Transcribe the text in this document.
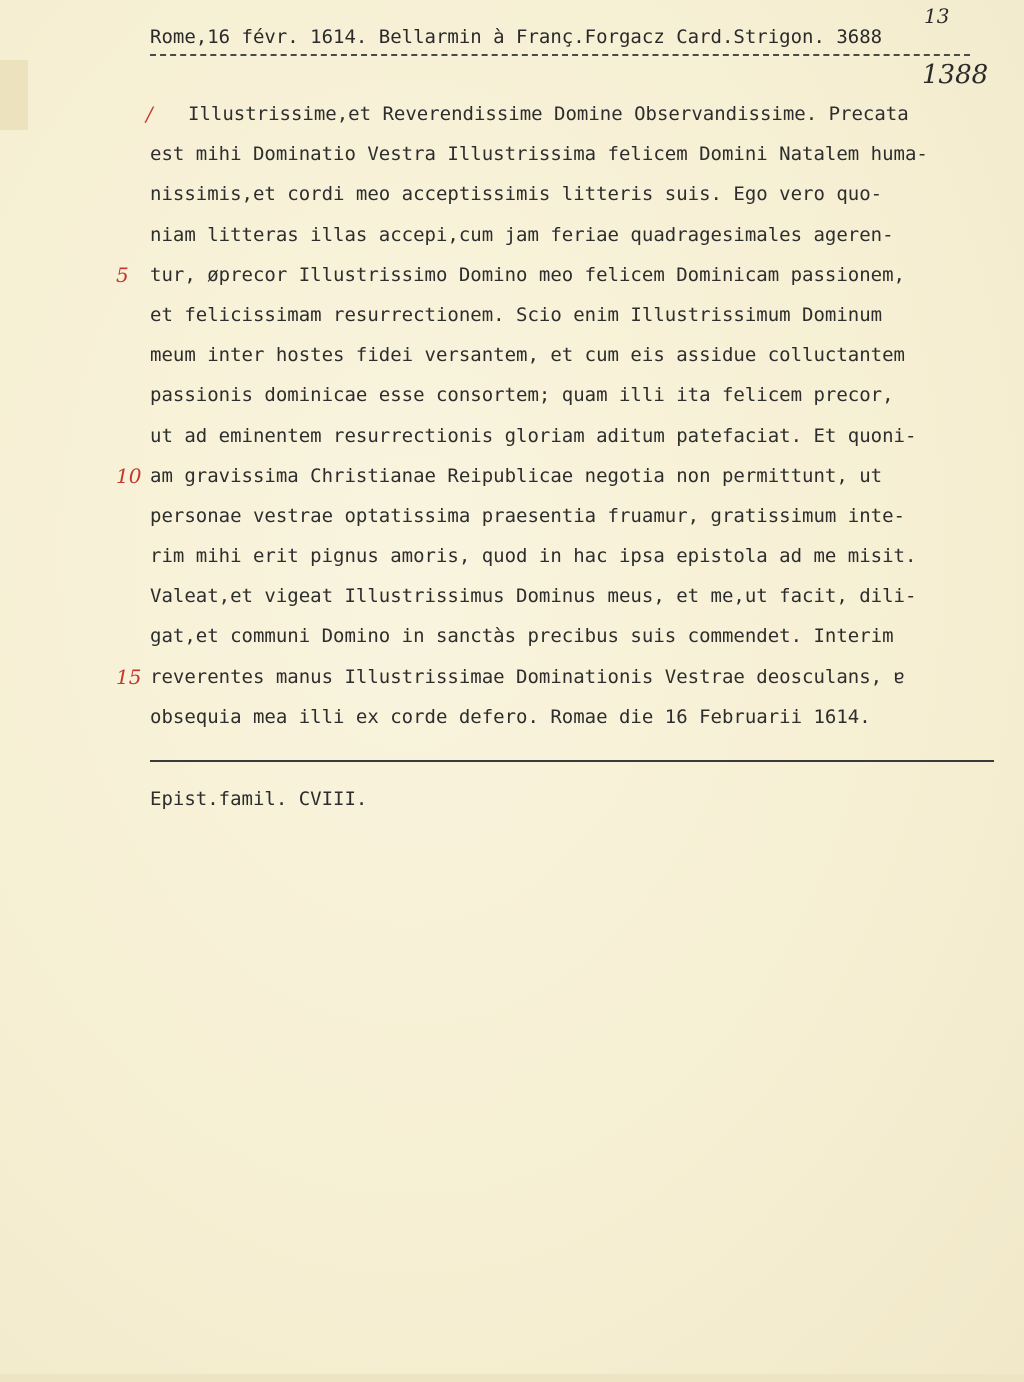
Rome,16 févr. 1614. Bellarmin à Franç.Forgacz Card.Strigon. 3688
13
1388
/	Illustrissime,et Reverendissime Domine Observandissime. Precata
est mihi Dominatio Vestra Illustrissima felicem Domini Natalem huma-
nissimis,et cordi meo acceptissimis litteris suis. Ego vero quo-
niam litteras illas accepi,cum jam feriae quadragesimales ageren-
5	tur, øprecor Illustrissimo Domino meo felicem Dominicam passionem,
et felicissimam resurrectionem. Scio enim Illustrissimum Dominum
meum inter hostes fidei versantem, et cum eis assidue colluctantem
passionis dominicae esse consortem; quam illi ita felicem precor,
ut ad eminentem resurrectionis gloriam aditum patefaciat. Et quoni-
10 am gravissima Christianae Reipublicae negotia non permittunt, ut
personae vestrae optatissima praesentia fruamur, gratissimum inte-
rim mihi erit pignus amoris, quod in hac ipsa epistola ad me misit.
Valeat,et vigeat Illustrissimus Dominus meus, et me,ut facit, dili-
gat,et communi Domino in sanctàs precibus suis commendet. Interim
15 reverentes manus Illustrissimae Dominationis Vestrae deosculans, ɐ
obsequia mea illi ex corde defero. Romae die 16 Februarii 1614.
Epist.famil. CVIII.
